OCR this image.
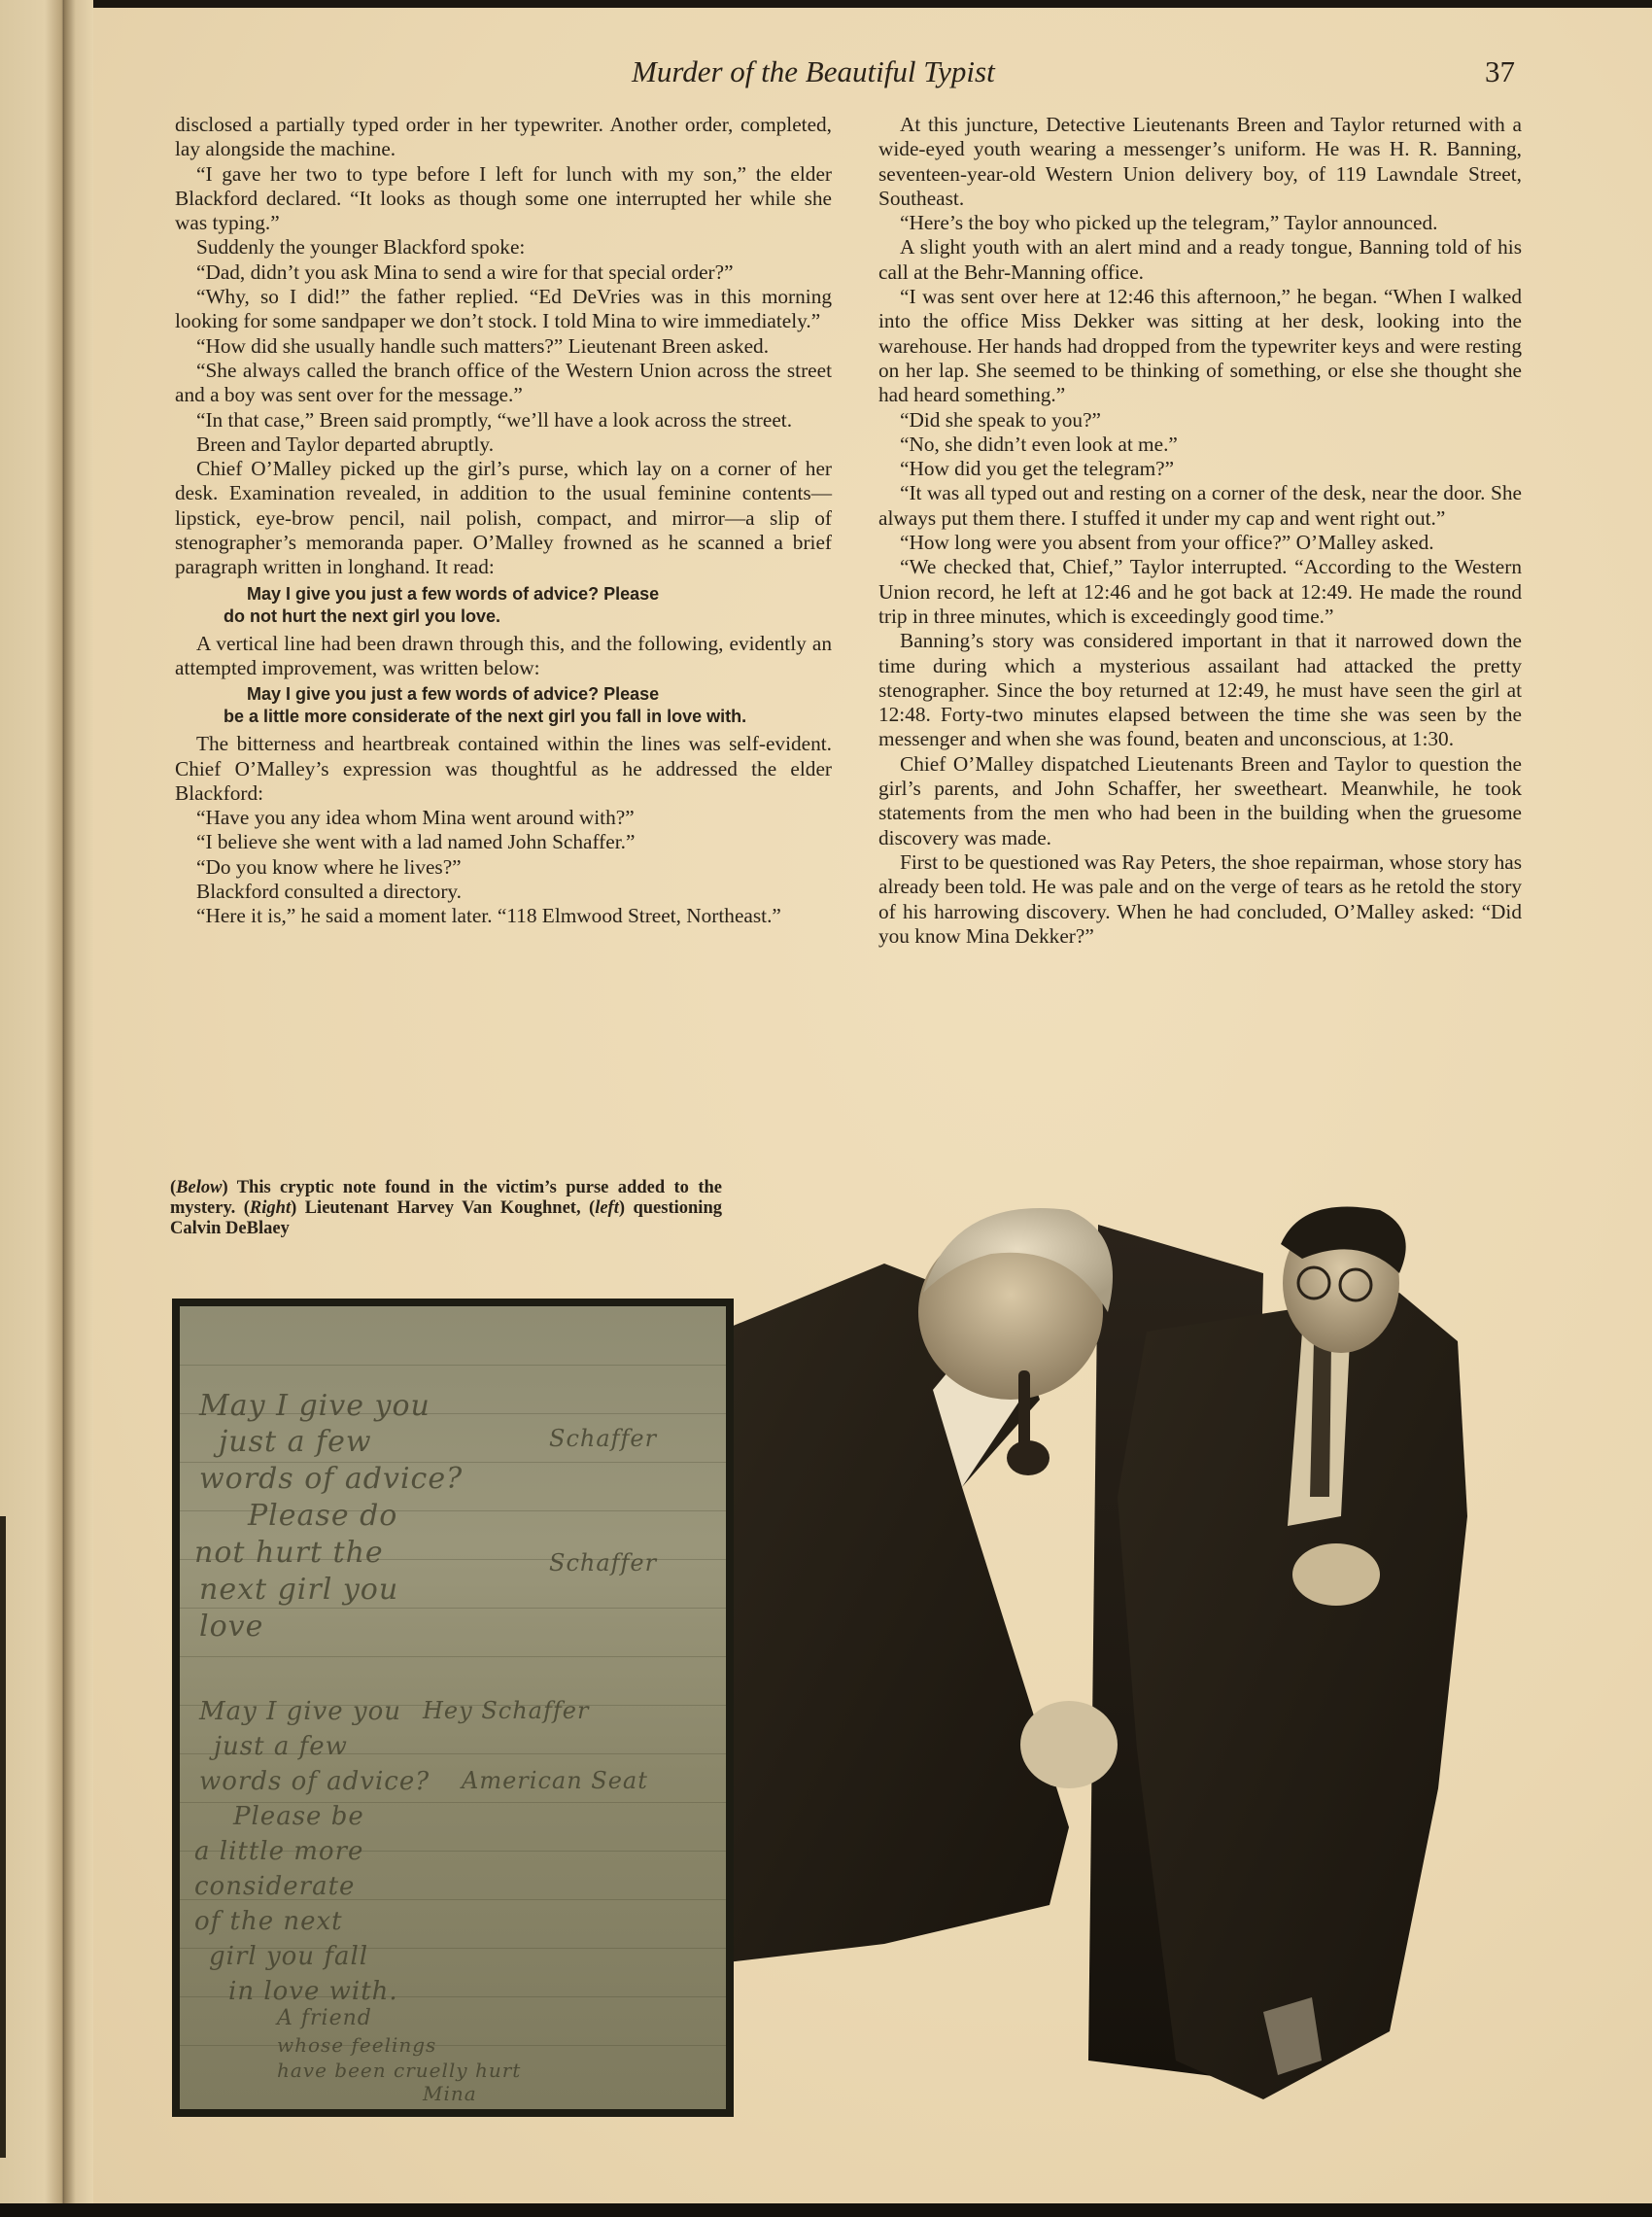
Murder of the Beautiful Typist	37

disclosed a partially typed order in her typewriter. Another order, completed, lay alongside the machine.

“I gave her two to type before I left for lunch with my son,” the elder Blackford declared. “It looks as though some one interrupted her while she was typing.”

Suddenly the younger Blackford spoke:

“Dad, didn’t you ask Mina to send a wire for that special order?”

“Why, so I did!” the father replied. “Ed DeVries was in this morning looking for some sandpaper we don’t stock. I told Mina to wire immediately.”

“How did she usually handle such matters?” Lieutenant Breen asked.

“She always called the branch office of the Western Union across the street and a boy was sent over for the message.”

“In that case,” Breen said promptly, “we’ll have a look across the street.

Breen and Taylor departed abruptly.

Chief O’Malley picked up the girl’s purse, which lay on a corner of her desk. Examination revealed, in addition to the usual feminine contents—lipstick, eye-brow pencil, nail polish, compact, and mirror—a slip of stenographer’s memoranda paper. O’Malley frowned as he scanned a brief paragraph written in longhand. It read:

May I give you just a few words of advice? Please
do not hurt the next girl you love.

A vertical line had been drawn through this, and the following, evidently an attempted improvement, was written below:

May I give you just a few words of advice? Please
be a little more considerate of the next girl you fall in love with.

The bitterness and heartbreak contained within the lines was self-evident. Chief O’Malley’s expression was thoughtful as he addressed the elder Blackford:

“Have you any idea whom Mina went around with?”

“I believe she went with a lad named John Schaffer.”

“Do you know where he lives?”

Blackford consulted a directory.

“Here it is,” he said a moment later. “118 Elmwood Street, Northeast.”

At this juncture, Detective Lieutenants Breen and Taylor returned with a wide-eyed youth wearing a messenger’s uniform. He was H. R. Banning, seventeen-year-old Western Union delivery boy, of 119 Lawndale Street, Southeast.

“Here’s the boy who picked up the telegram,” Taylor announced.

A slight youth with an alert mind and a ready tongue, Banning told of his call at the Behr-Manning office.

“I was sent over here at 12:46 this afternoon,” he began. “When I walked into the office Miss Dekker was sitting at her desk, looking into the warehouse. Her hands had dropped from the typewriter keys and were resting on her lap. She seemed to be thinking of something, or else she thought she had heard something.”

“Did she speak to you?”

“No, she didn’t even look at me.”

“How did you get the telegram?”

“It was all typed out and resting on a corner of the desk, near the door. She always put them there. I stuffed it under my cap and went right out.”

“How long were you absent from your office?” O’Malley asked.

“We checked that, Chief,” Taylor interrupted. “According to the Western Union record, he left at 12:46 and he got back at 12:49. He made the round trip in three minutes, which is exceedingly good time.”

Banning’s story was considered important in that it narrowed down the time during which a mysterious assailant had attacked the pretty stenographer. Since the boy returned at 12:49, he must have seen the girl at 12:48. Forty-two minutes elapsed between the time she was seen by the messenger and when she was found, beaten and unconscious, at 1:30.

Chief O’Malley dispatched Lieutenants Breen and Taylor to question the girl’s parents, and John Schaffer, her sweetheart. Meanwhile, he took statements from the men who had been in the building when the gruesome discovery was made.

First to be questioned was Ray Peters, the shoe repairman, whose story has already been told. He was pale and on the verge of tears as he retold the story of his harrowing discovery. When he had concluded, O’Malley asked: “Did you know Mina Dekker?”

(Below) This cryptic note found in the victim’s purse added to the mystery. (Right) Lieutenant Harvey Van Koughnet, (left) questioning Calvin DeBlaey
May I give you
just a few
words of advice?
Please do
not hurt the
next girl you
love
May I give you
just a few
words of advice?
Please be
a little more
considerate
of the next
girl you fall
in love with.
Schaffer
Schaffer
Hey Schaffer
American Seat
A friend
whose feelings
have been cruelly hurt
Mina
